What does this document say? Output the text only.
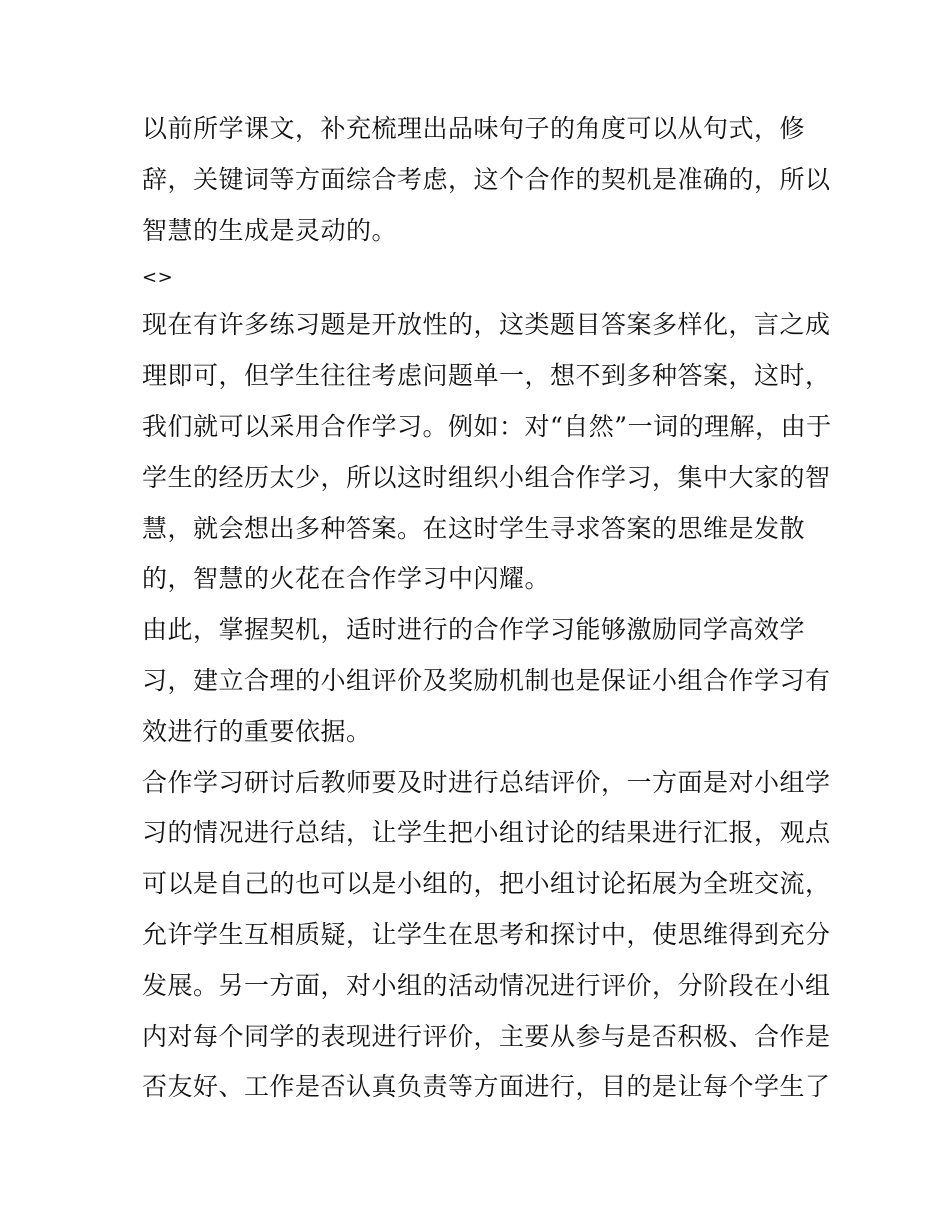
以前所学课文，补充梳理出品味句子的角度可以从句式，修
辞，关键词等方面综合考虑，这个合作的契机是准确的，所以
智慧的生成是灵动的。
<>
现在有许多练习题是开放性的，这类题目答案多样化，言之成
理即可，但学生往往考虑问题单一，想不到多种答案，这时，
我们就可以采用合作学习。例如：对“自然”一词的理解，由于
学生的经历太少，所以这时组织小组合作学习，集中大家的智
慧，就会想出多种答案。在这时学生寻求答案的思维是发散
的，智慧的火花在合作学习中闪耀。
由此，掌握契机，适时进行的合作学习能够激励同学高效学
习，建立合理的小组评价及奖励机制也是保证小组合作学习有
效进行的重要依据。
合作学习研讨后教师要及时进行总结评价，一方面是对小组学
习的情况进行总结，让学生把小组讨论的结果进行汇报，观点
可以是自己的也可以是小组的，把小组讨论拓展为全班交流，
允许学生互相质疑，让学生在思考和探讨中，使思维得到充分
发展。另一方面，对小组的活动情况进行评价，分阶段在小组
内对每个同学的表现进行评价，主要从参与是否积极、合作是
否友好、工作是否认真负责等方面进行，目的是让每个学生了
